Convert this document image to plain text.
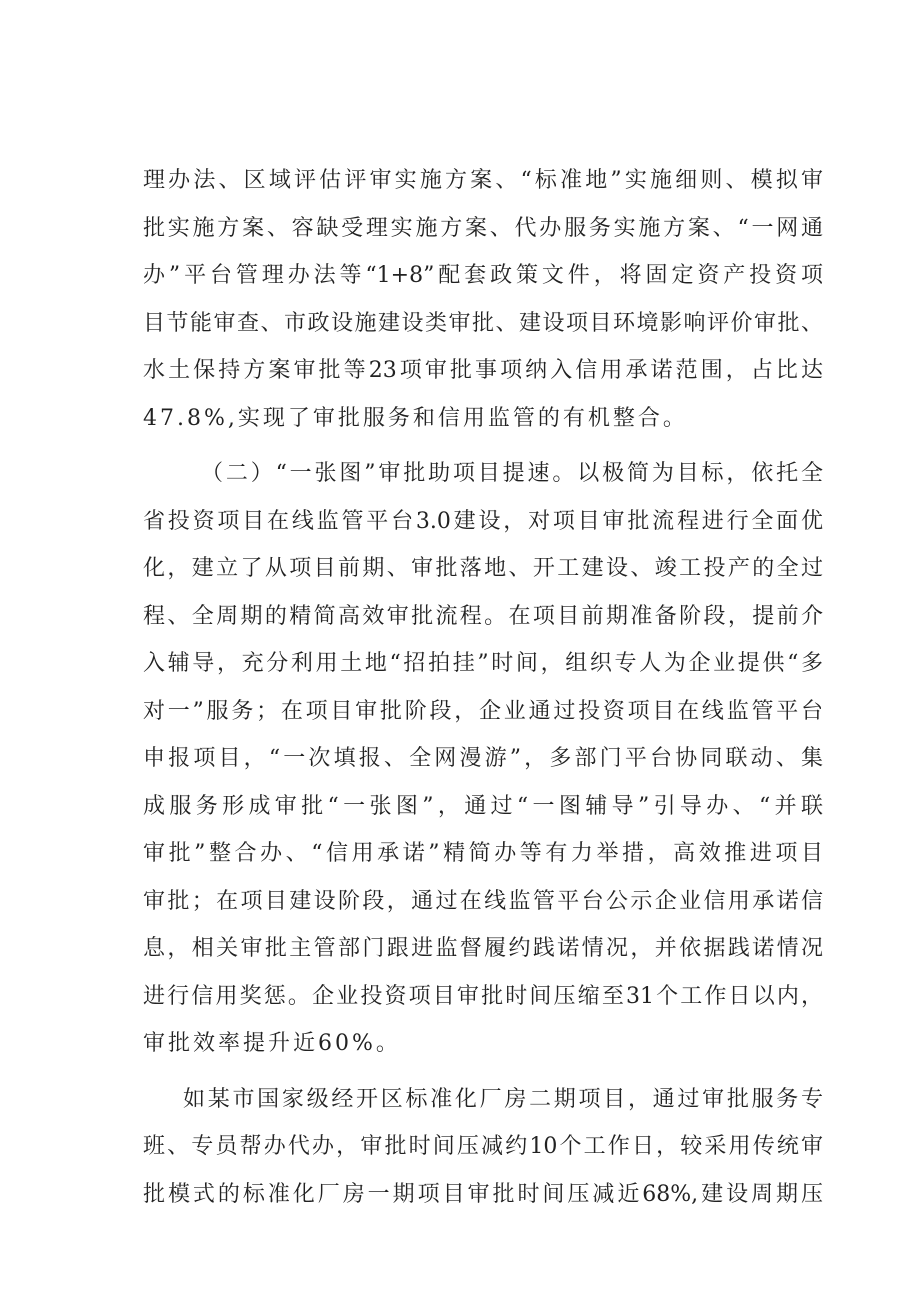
理办法、区域评估评审实施方案、“标准地”实施细则、模拟审
批实施方案、容缺受理实施方案、代办服务实施方案、“一网通
办”平台管理办法等“1+8”配套政策文件，将固定资产投资项
目节能审查、市政设施建设类审批、建设项目环境影响评价审批、
水土保持方案审批等23项审批事项纳入信用承诺范围，占比达
47.8%,实现了审批服务和信用监管的有机整合。
（二）“一张图”审批助项目提速。以极简为目标，依托全
省投资项目在线监管平台3.0建设，对项目审批流程进行全面优
化，建立了从项目前期、审批落地、开工建设、竣工投产的全过
程、全周期的精简高效审批流程。在项目前期准备阶段，提前介
入辅导，充分利用土地“招拍挂”时间，组织专人为企业提供“多
对一”服务；在项目审批阶段，企业通过投资项目在线监管平台
申报项目，“一次填报、全网漫游”，多部门平台协同联动、集
成服务形成审批“一张图”，通过“一图辅导”引导办、“并联
审批”整合办、“信用承诺”精简办等有力举措，高效推进项目
审批；在项目建设阶段，通过在线监管平台公示企业信用承诺信
息，相关审批主管部门跟进监督履约践诺情况，并依据践诺情况
进行信用奖惩。企业投资项目审批时间压缩至31个工作日以内，
审批效率提升近60%。
如某市国家级经开区标准化厂房二期项目，通过审批服务专
班、专员帮办代办，审批时间压减约10个工作日，较采用传统审
批模式的标准化厂房一期项目审批时间压减近68%,建设周期压
